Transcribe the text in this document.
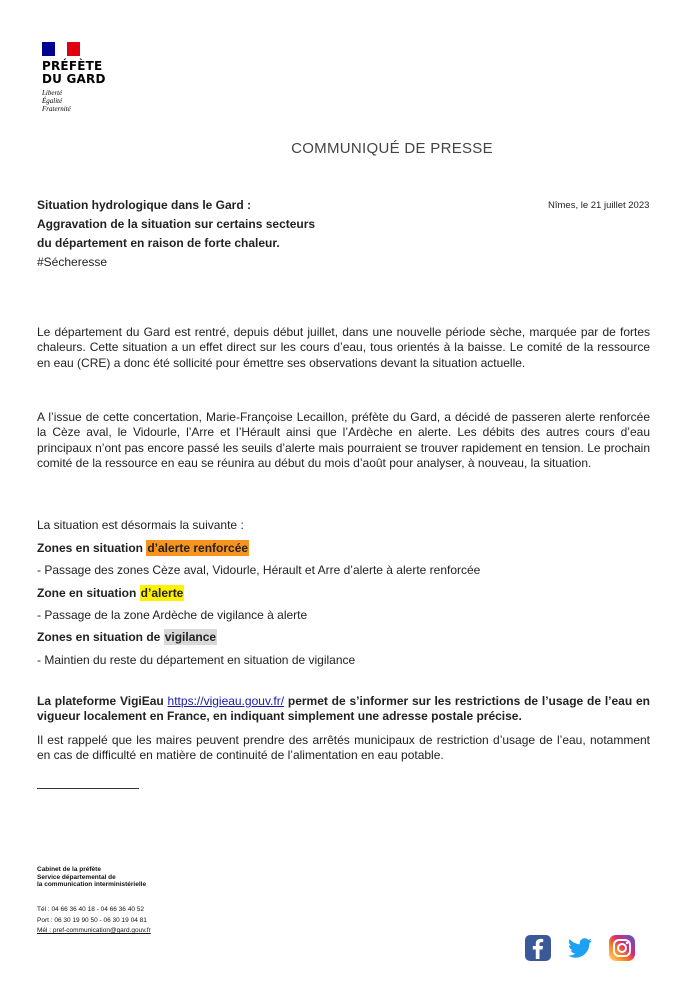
PRÉFÈTE
DU GARD
Liberté
Égalité
Fraternité
COMMUNIQUÉ DE PRESSE
Situation hydrologique dans le Gard :
Aggravation de la situation sur certains secteurs
du département en raison de forte chaleur.
#Sécheresse
Nîmes, le 21 juillet 2023
Le département du Gard est rentré, depuis début juillet, dans une nouvelle période sèche, marquée par de fortes chaleurs. Cette situation a un effet direct sur les cours d’eau, tous orientés à la baisse. Le comité de la ressource en eau (CRE) a donc été sollicité pour émettre ses observations devant la situation actuelle.
A l’issue de cette concertation, Marie-Françoise Lecaillon, préfète du Gard, a décidé de passeren alerte renforcée la Cèze aval, le Vidourle, l’Arre et l’Hérault ainsi que l’Ardèche en alerte. Les débits des autres cours d’eau principaux n’ont pas encore passé les seuils d’alerte mais pourraient se trouver rapidement en tension. Le prochain comité de la ressource en eau se réunira au début du mois d’août pour analyser, à nouveau, la situation.
La situation est désormais la suivante :
Zones en situation d’alerte renforcée
- Passage des zones Cèze aval, Vidourle, Hérault et Arre d’alerte à alerte renforcée
Zone en situation d’alerte
- Passage de la zone Ardèche de vigilance à alerte
Zones en situation de vigilance
- Maintien du reste du département en situation de vigilance
La plateforme VigiEau https://vigieau.gouv.fr/ permet de s’informer sur les restrictions de l’usage de l’eau en vigueur localement en France, en indiquant simplement une adresse postale précise.
Il est rappelé que les maires peuvent prendre des arrêtés municipaux de restriction d’usage de l’eau, notamment en cas de difficulté en matière de continuité de l’alimentation en eau potable.
Cabinet de la préfète
Service départemental de
la communication interministérielle
Tél : 04 66 36 40 18 - 04 66 36 40 52
Port : 06 30 19 90 50 - 06 30 19 04 81
Mél : pref-communication@gard.gouv.fr
